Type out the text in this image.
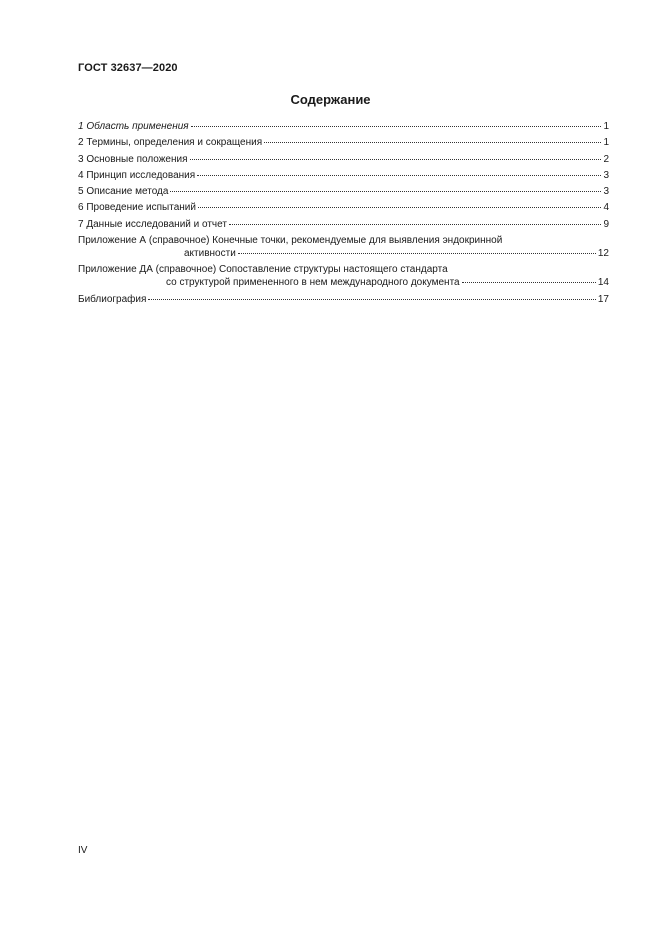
ГОСТ 32637—2020
Содержание
1 Область применения	1
2 Термины, определения и сокращения	1
3 Основные положения	2
4 Принцип исследования	3
5 Описание метода	3
6 Проведение испытаний	4
7 Данные исследований и отчет	9
Приложение А (справочное) Конечные точки, рекомендуемые для выявления эндокринной
активности	12
Приложение ДА (справочное) Сопоставление структуры настоящего стандарта
со структурой примененного в нем международного документа	14
Библиография	17
IV
